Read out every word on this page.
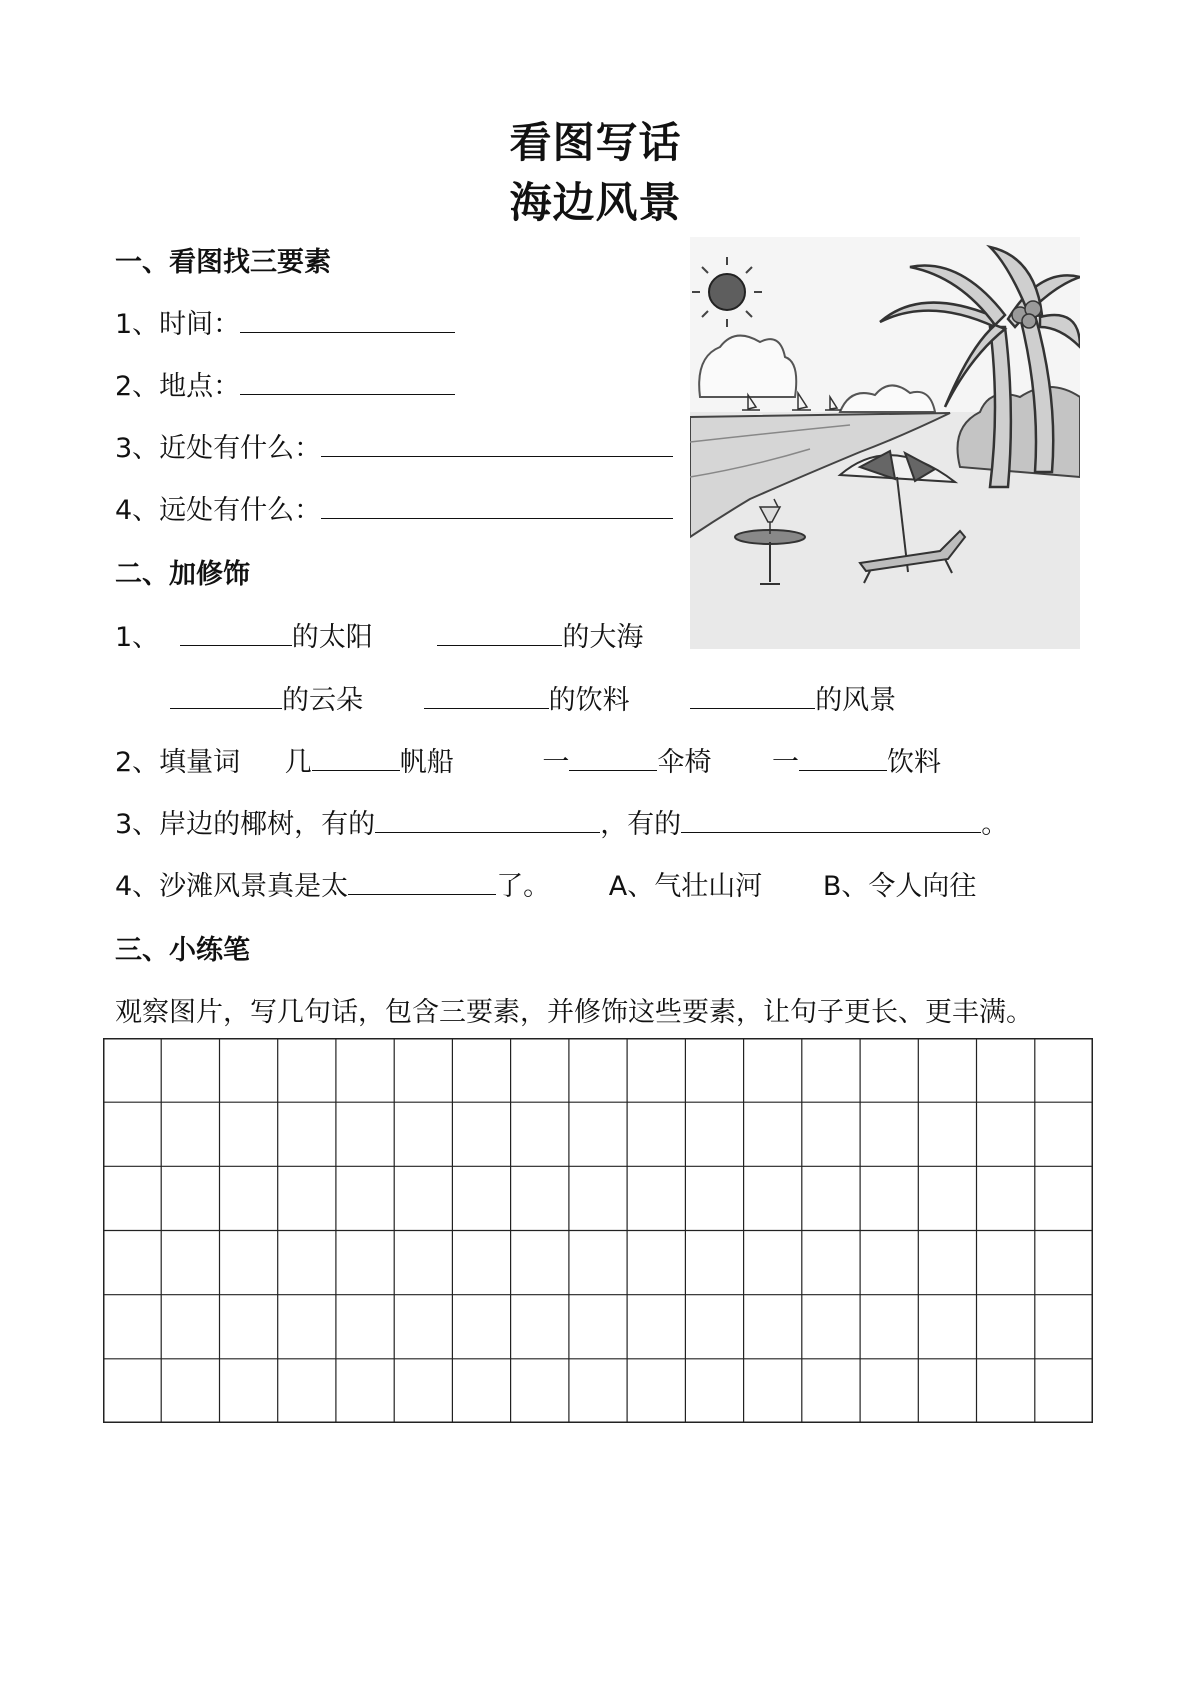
看图写话
海边风景
一、看图找三要素
1、时间：
2、地点：
3、近处有什么：
4、远处有什么：
二、加修饰
1、	的太阳	的大海
的云朵	的饮料	的风景
2、填量词 几	帆船	一	伞椅 一	饮料
3、岸边的椰树，有的	，有的	。
4、沙滩风景真是太	了。 A、气壮山河 B、令人向往
三、小练笔
观察图片，写几句话，包含三要素，并修饰这些要素，让句子更长、更丰满。
